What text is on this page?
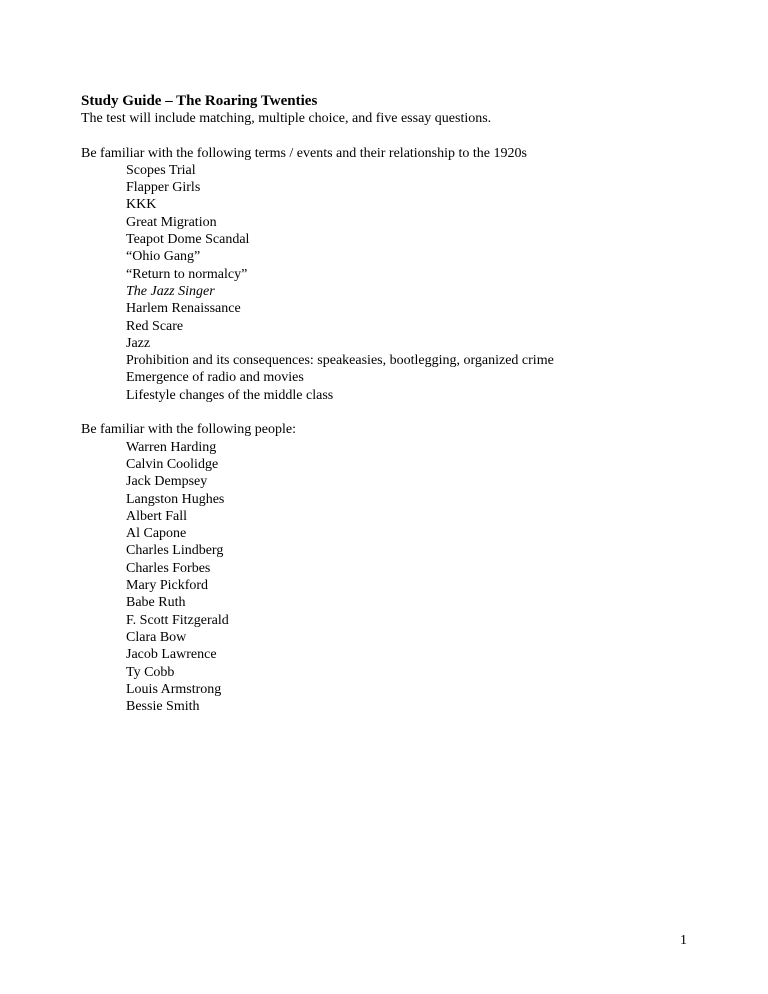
Study Guide – The Roaring Twenties

The test will include matching, multiple choice, and five essay questions.

Be familiar with the following terms / events and their relationship to the 1920s

Scopes Trial
Flapper Girls
KKK
Great Migration
Teapot Dome Scandal
“Ohio Gang”
“Return to normalcy”
The Jazz Singer
Harlem Renaissance
Red Scare
Jazz
Prohibition and its consequences: speakeasies, bootlegging, organized crime
Emergence of radio and movies
Lifestyle changes of the middle class

Be familiar with the following people:

Warren Harding
Calvin Coolidge
Jack Dempsey
Langston Hughes
Albert Fall
Al Capone
Charles Lindberg
Charles Forbes
Mary Pickford
Babe Ruth
F. Scott Fitzgerald
Clara Bow
Jacob Lawrence
Ty Cobb
Louis Armstrong
Bessie Smith
1
